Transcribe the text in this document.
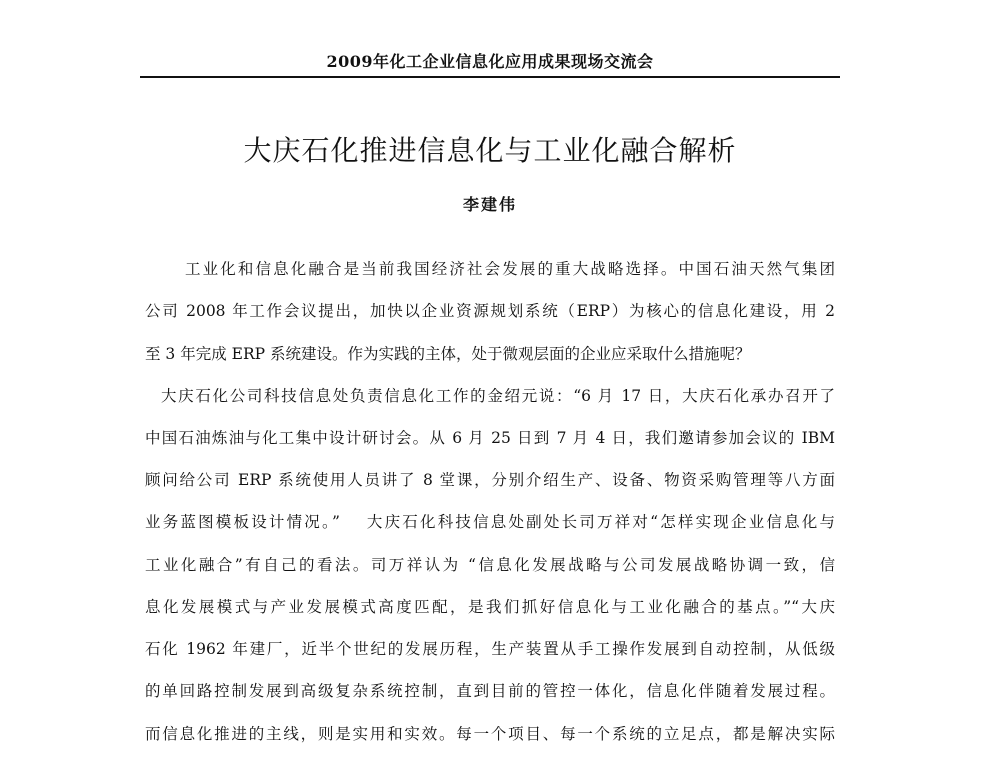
2009年化工企业信息化应用成果现场交流会
大庆石化推进信息化与工业化融合解析
李建伟
工业化和信息化融合是当前我国经济社会发展的重大战略选择。中国石油天然气集团
公司 2008 年工作会议提出，加快以企业资源规划系统（ERP）为核心的信息化建设，用 2
至 3 年完成 ERP 系统建设。作为实践的主体，处于微观层面的企业应采取什么措施呢？
大庆石化公司科技信息处负责信息化工作的金绍元说：“6 月 17 日，大庆石化承办召开了
中国石油炼油与化工集中设计研讨会。从 6 月 25 日到 7 月 4 日，我们邀请参加会议的 IBM
顾问给公司 ERP 系统使用人员讲了 8 堂课，分别介绍生产、设备、物资采购管理等八方面
业务蓝图模板设计情况。”　 大庆石化科技信息处副处长司万祥对“怎样实现企业信息化与
工业化融合”有自己的看法。司万祥认为 “信息化发展战略与公司发展战略协调一致，信
息化发展模式与产业发展模式高度匹配，是我们抓好信息化与工业化融合的基点。”“大庆
石化 1962 年建厂，近半个世纪的发展历程，生产装置从手工操作发展到自动控制，从低级
的单回路控制发展到高级复杂系统控制，直到目前的管控一体化，信息化伴随着发展过程。
而信息化推进的主线，则是实用和实效。每一个项目、每一个系统的立足点，都是解决实际
